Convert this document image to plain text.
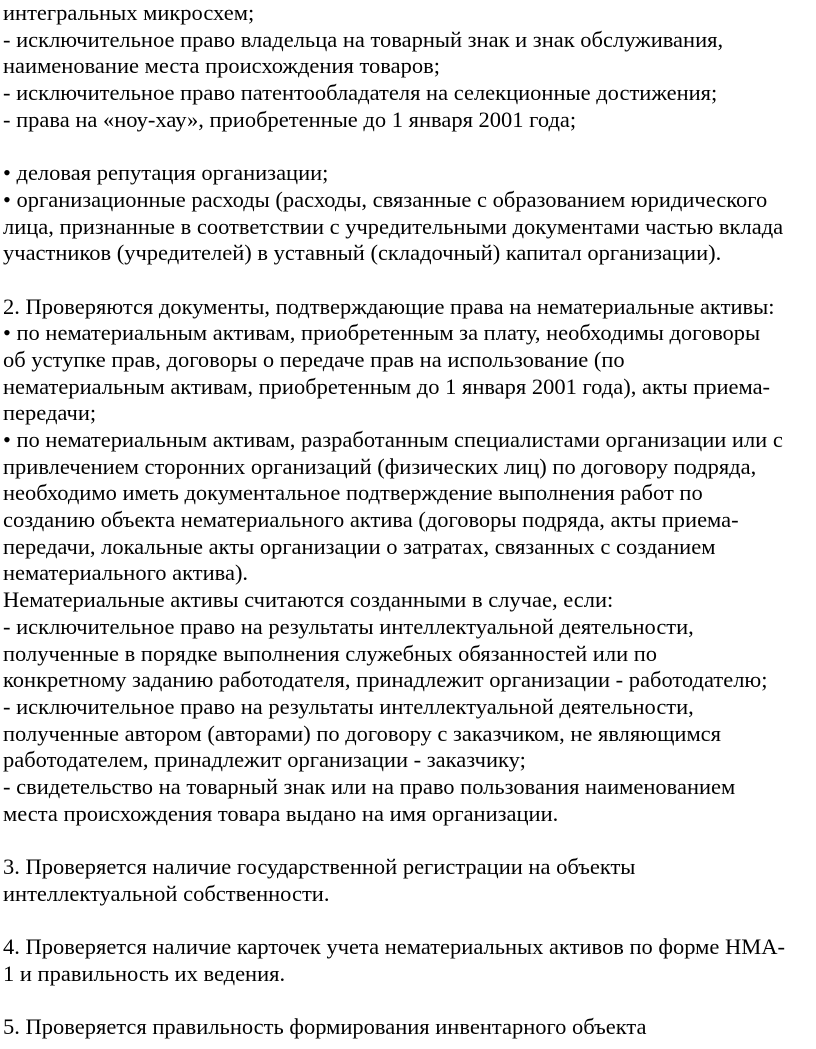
интегральных микросхем;
- исключительное право владельца на товарный знак и знак обслуживания,
наименование места происхождения товаров;
- исключительное право патентообладателя на селекционные достижения;
- права на «ноу-хау», приобретенные до 1 января 2001 года;
• деловая репутация организации;
• организационные расходы (расходы, связанные с образованием юридического
лица, признанные в соответствии с учредительными документами частью вклада
участников (учредителей) в уставный (складочный) капитал организации).
2. Проверяются документы, подтверждающие права на нематериальные активы:
• по нематериальным активам, приобретенным за плату, необходимы договоры
об уступке прав, договоры о передаче прав на использование (по
нематериальным активам, приобретенным до 1 января 2001 года), акты приема-
передачи;
• по нематериальным активам, разработанным специалистами организации или с
привлечением сторонних организаций (физических лиц) по договору подряда,
необходимо иметь документальное подтверждение выполнения работ по
созданию объекта нематериального актива (договоры подряда, акты приема-
передачи, локальные акты организации о затратах, связанных с созданием
нематериального актива).
Нематериальные активы считаются созданными в случае, если:
- исключительное право на результаты интеллектуальной деятельности,
полученные в порядке выполнения служебных обязанностей или по
конкретному заданию работодателя, принадлежит организации - работодателю;
- исключительное право на результаты интеллектуальной деятельности,
полученные автором (авторами) по договору с заказчиком, не являющимся
работодателем, принадлежит организации - заказчику;
- свидетельство на товарный знак или на право пользования наименованием
места происхождения товара выдано на имя организации.
3. Проверяется наличие государственной регистрации на объекты
интеллектуальной собственности.
4. Проверяется наличие карточек учета нематериальных активов по форме НМА-
1 и правильность их ведения.
5. Проверяется правильность формирования инвентарного объекта
